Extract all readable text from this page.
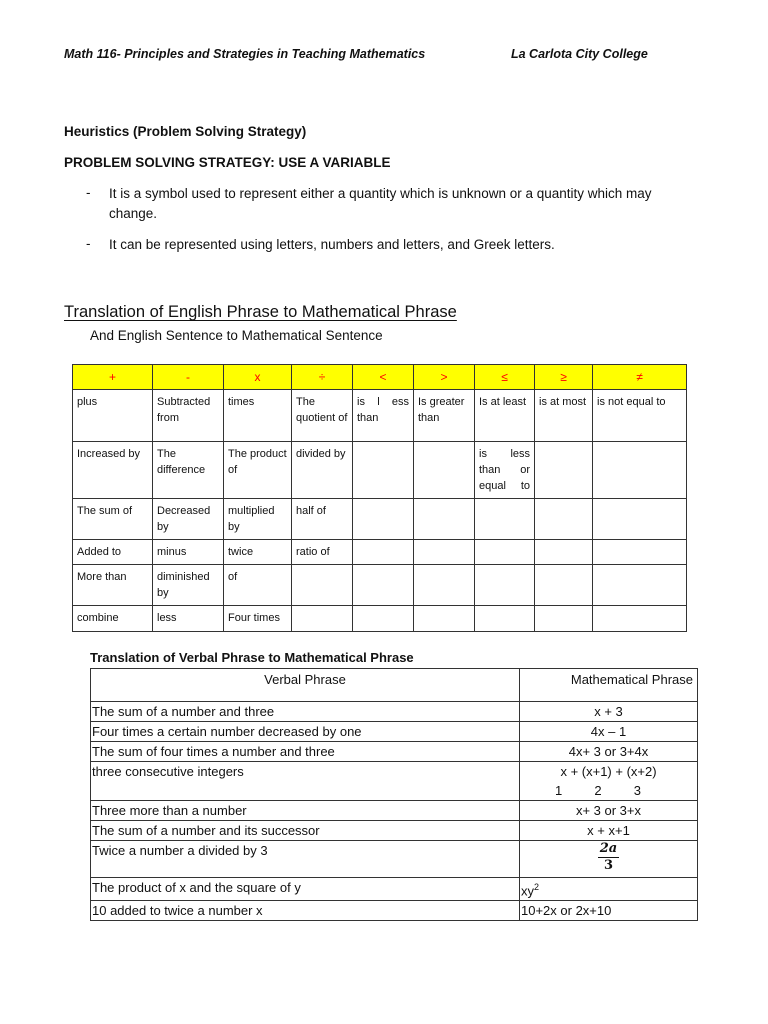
Math 116- Principles and Strategies in Teaching Mathematics	La Carlota City College
Heuristics (Problem Solving Strategy)
PROBLEM SOLVING STRATEGY: USE A VARIABLE
- It is a symbol used to represent either a quantity which is unknown or a quantity which may change.
- It can be represented using letters, numbers and letters, and Greek letters.
Translation of English Phrase to Mathematical Phrase
And English Sentence to Mathematical Sentence
+	-	x	÷	<	>	≤	≥	≠
plus	Subtracted from	times	The quotient of	is l ess than	Is greater than	Is at least	is at most	is not equal to
Increased by	The difference	The product of	divided by			is less than or equal to		
The sum of	Decreased by	multiplied by	half of					
Added to	minus	twice	ratio of					
More than	diminished by	of						
combine	less	Four times						
Translation of Verbal Phrase to Mathematical Phrase
Verbal Phrase	Mathematical Phrase
The sum of a number and three	x + 3
Four times a certain number decreased by one	4x – 1
The sum of four times a number and three	4x+ 3 or 3+4x
three consecutive integers	x + (x+1) + (x+2)
1 2 3

Three more than a number	x+ 3 or 3+x
The sum of a number and its successor	x + x+1
Twice a number a divided by 3	$\frac{2a}{3}$

The product of x and the square of y	$xy^2$
10 added to twice a number x	10+2x or 2x+10
